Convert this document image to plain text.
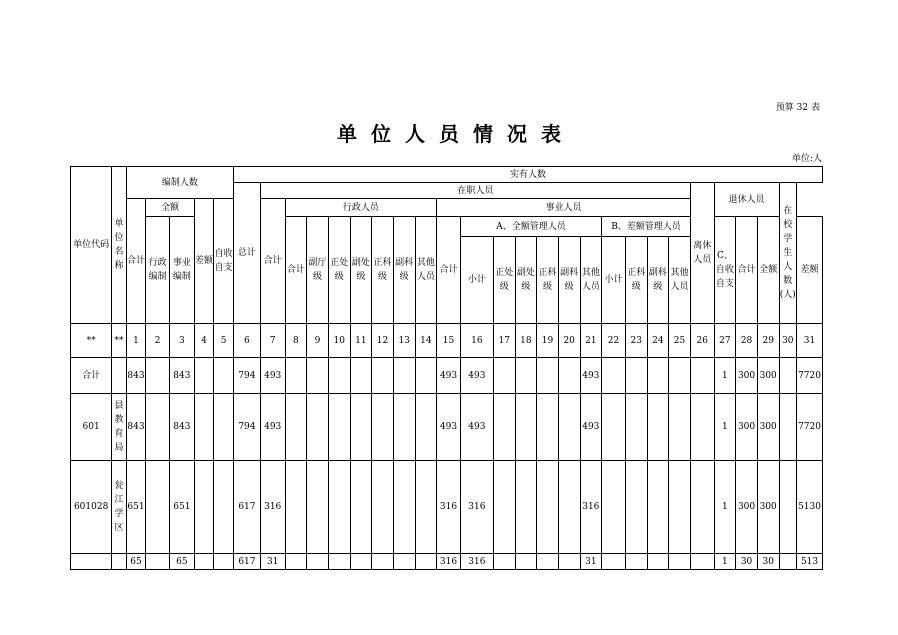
预算 32 表
单位人员情况表
单位:人
单位代码	单位名称	编制人数					实有人数																									
							总计	在职人员																			离休人员	退休人员			在校学生人数(人)	
		合计	全额		差额	自收自支		合计	行政人员							事业人员																
			行政编制	事业编制					合计	副厅级	正处级	副处级	正科级	副科级	其他人员	合计	A、全额管理人员						B、差额管理人员					C、自收自支	合计	全额		差额
																	小计	正处级	副处级	正科级	副科级	其他人员	小计	正科级	副科级	其他人员						
**	**	1	2	3	4	5	6	7	8	9	10	11	12	13	14	15	16	17	18	19	20	21	22	23	24	25	26	27	28	29	30	31
合计		843		843			794	493								493	493					493						1	300	300		7720
601	县教育局	843		843			794	493								493	493					493						1	300	300		7720
601028	瓮江学区	651		651			617	316								316	316					316						1	300	300		5130
		65		65			617	31								316	316					31						1	30	30		513
